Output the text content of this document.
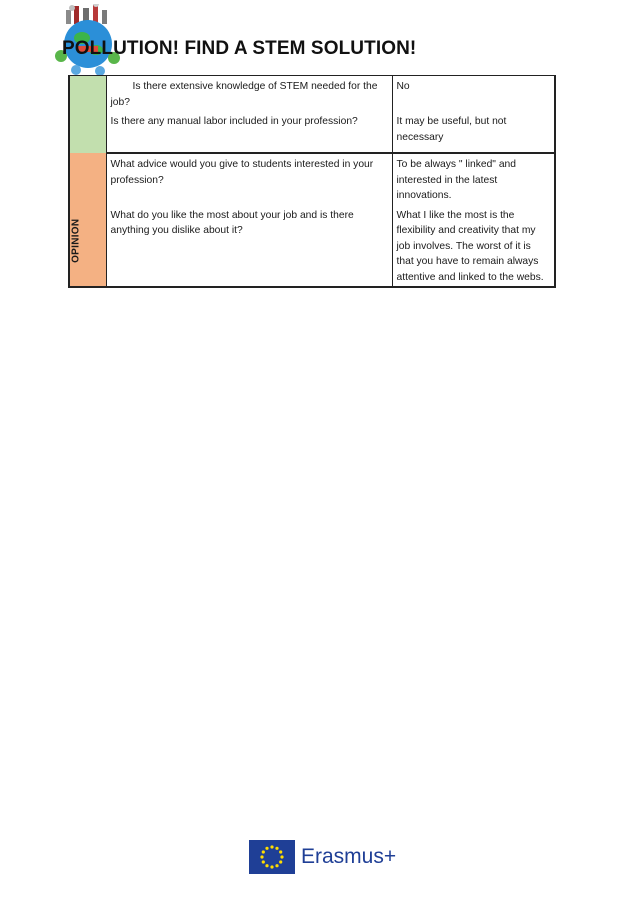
POLLUTION! FIND A STEM SOLUTION!
	Is there extensive knowledge of STEM needed for the job?	No
	Is there any manual labor included in your profession?	It may be useful, but not necessary

OPINION	What advice would you give to students interested in your profession?	To be always " linked" and interested in the latest innovations.
	What do you like the most about your job and is there anything you dislike about it?	What I like the most is the flexibility and creativity that my job involves. The worst of it is that you have to remain always attentive and linked to the webs.
Erasmus+
